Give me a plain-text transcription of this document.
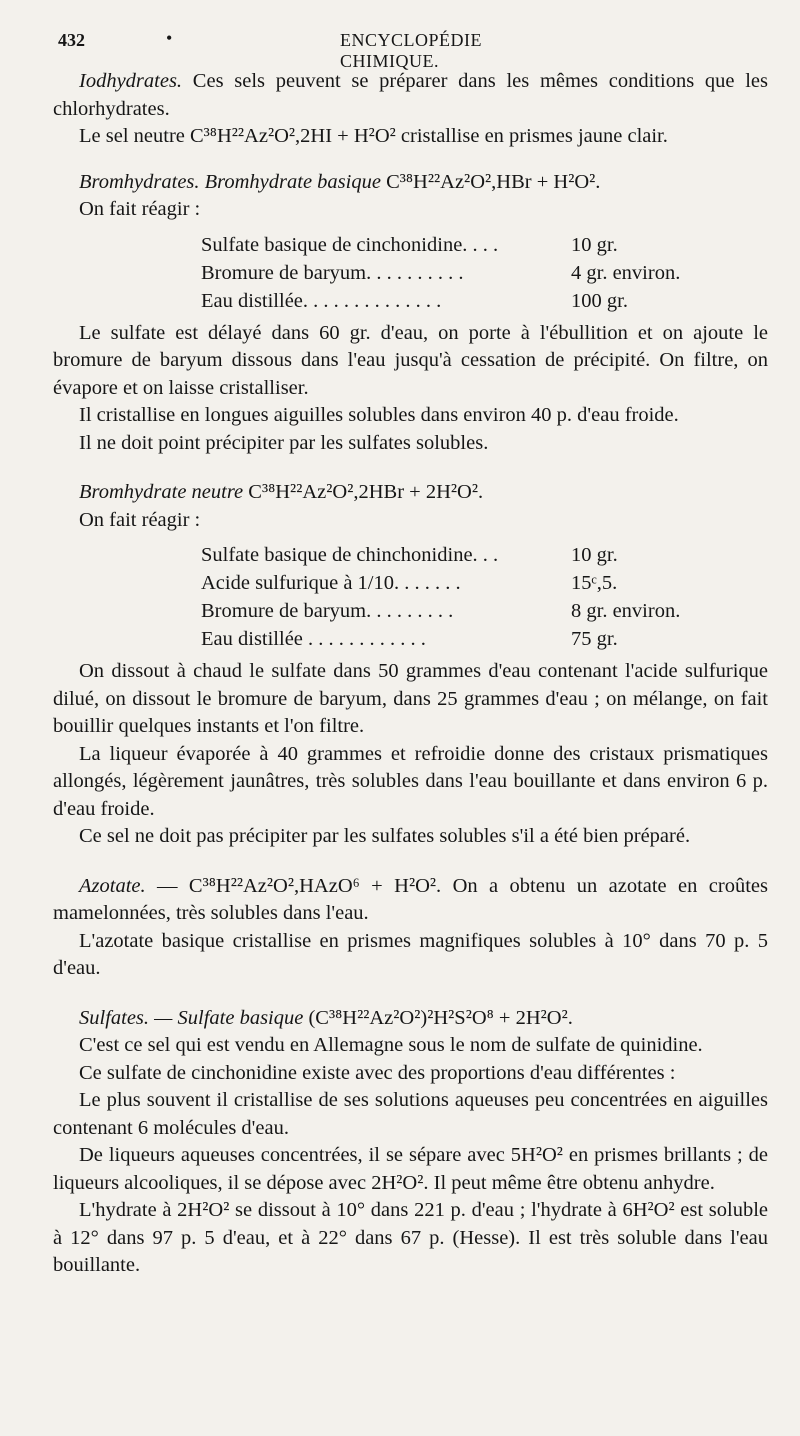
432	•	ENCYCLOPÉDIE CHIMIQUE.

Iodhydrates. Ces sels peuvent se préparer dans les mêmes conditions que les chlorhydrates.

Le sel neutre C³⁸H²²Az²O²,2HI + H²O² cristallise en prismes jaune clair.

Bromhydrates. Bromhydrate basique C³⁸H²²Az²O²,HBr + H²O².

On fait réagir :

Sulfate basique de cinchonidine. . . .	10 gr.
Bromure de baryum. . . . . . . . . .	4 gr. environ.
Eau distillée. . . . . . . . . . . . . .	100 gr.

Le sulfate est délayé dans 60 gr. d'eau, on porte à l'ébullition et on ajoute le bromure de baryum dissous dans l'eau jusqu'à cessation de précipité. On filtre, on évapore et on laisse cristalliser.

Il cristallise en longues aiguilles solubles dans environ 40 p. d'eau froide.

Il ne doit point précipiter par les sulfates solubles.

Bromhydrate neutre C³⁸H²²Az²O²,2HBr + 2H²O².

On fait réagir :

Sulfate basique de chinchonidine. . .	10 gr.
Acide sulfurique à 1/10. . . . . . .	15ᶜ,5.
Bromure de baryum. . . . . . . . .	8 gr. environ.
Eau distillée . . . . . . . . . . . .	75 gr.

On dissout à chaud le sulfate dans 50 grammes d'eau contenant l'acide sulfurique dilué, on dissout le bromure de baryum, dans 25 grammes d'eau ; on mélange, on fait bouillir quelques instants et l'on filtre.

La liqueur évaporée à 40 grammes et refroidie donne des cristaux prismatiques allongés, légèrement jaunâtres, très solubles dans l'eau bouillante et dans environ 6 p. d'eau froide.

Ce sel ne doit pas précipiter par les sulfates solubles s'il a été bien préparé.

Azotate. — C³⁸H²²Az²O²,HAzO⁶ + H²O². On a obtenu un azotate en croûtes mamelonnées, très solubles dans l'eau.

L'azotate basique cristallise en prismes magnifiques solubles à 10° dans 70 p. 5 d'eau.

Sulfates. — Sulfate basique (C³⁸H²²Az²O²)²H²S²O⁸ + 2H²O².

C'est ce sel qui est vendu en Allemagne sous le nom de sulfate de quinidine.

Ce sulfate de cinchonidine existe avec des proportions d'eau différentes :

Le plus souvent il cristallise de ses solutions aqueuses peu concentrées en aiguilles contenant 6 molécules d'eau.

De liqueurs aqueuses concentrées, il se sépare avec 5H²O² en prismes brillants ; de liqueurs alcooliques, il se dépose avec 2H²O². Il peut même être obtenu anhydre.

L'hydrate à 2H²O² se dissout à 10° dans 221 p. d'eau ; l'hydrate à 6H²O² est soluble à 12° dans 97 p. 5 d'eau, et à 22° dans 67 p. (Hesse). Il est très soluble dans l'eau bouillante.
